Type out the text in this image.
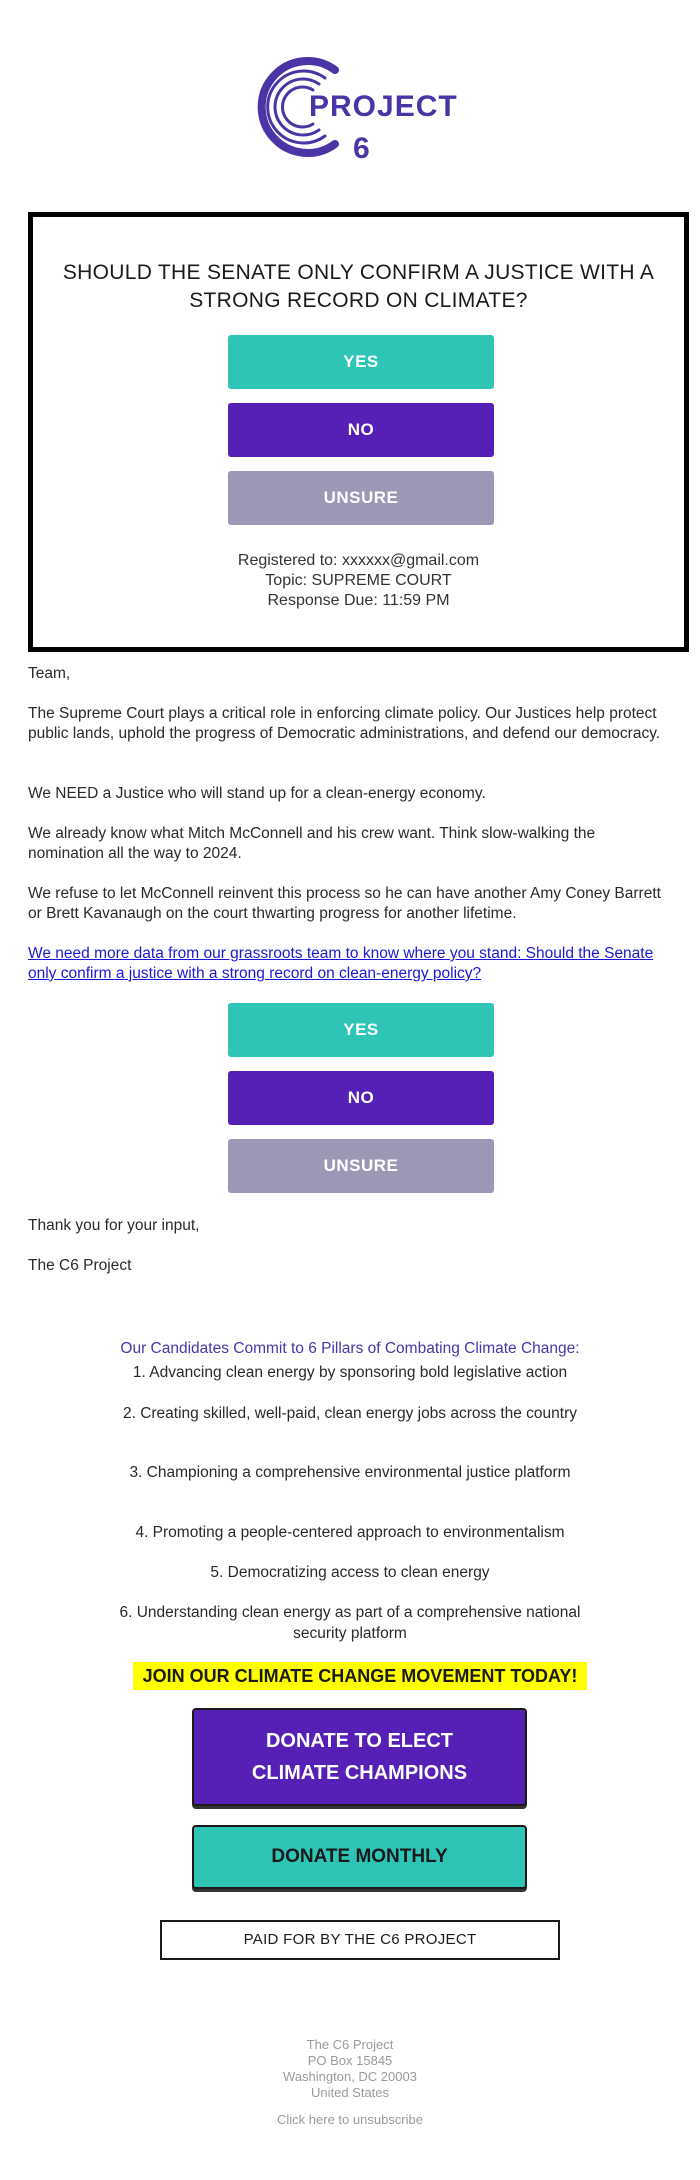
PROJECT
6
SHOULD THE SENATE ONLY CONFIRM A JUSTICE WITH A STRONG RECORD ON CLIMATE?
YES
NO
UNSURE
Registered to: xxxxxx@gmail.com
Topic: SUPREME COURT
Response Due: 11:59 PM
Team,
The Supreme Court plays a critical role in enforcing climate policy. Our Justices help protect public lands, uphold the progress of Democratic administrations, and defend our democracy.
We NEED a Justice who will stand up for a clean-energy economy.
We already know what Mitch McConnell and his crew want. Think slow-walking the nomination all the way to 2024.
We refuse to let McConnell reinvent this process so he can have another Amy Coney Barrett or Brett Kavanaugh on the court thwarting progress for another lifetime.
We need more data from our grassroots team to know where you stand: Should the Senate only confirm a justice with a strong record on clean-energy policy?
YES
NO
UNSURE
Thank you for your input,
The C6 Project
Our Candidates Commit to 6 Pillars of Combating Climate Change:
1. Advancing clean energy by sponsoring bold legislative action
2. Creating skilled, well-paid, clean energy jobs across the country
3. Championing a comprehensive environmental justice platform
4. Promoting a people-centered approach to environmentalism
5. Democratizing access to clean energy
6. Understanding clean energy as part of a comprehensive national security platform
JOIN OUR CLIMATE CHANGE MOVEMENT TODAY!
DONATE TO ELECT CLIMATE CHAMPIONS
DONATE MONTHLY
PAID FOR BY THE C6 PROJECT
The C6 Project
PO Box 15845
Washington, DC 20003
United States
Click here to unsubscribe
